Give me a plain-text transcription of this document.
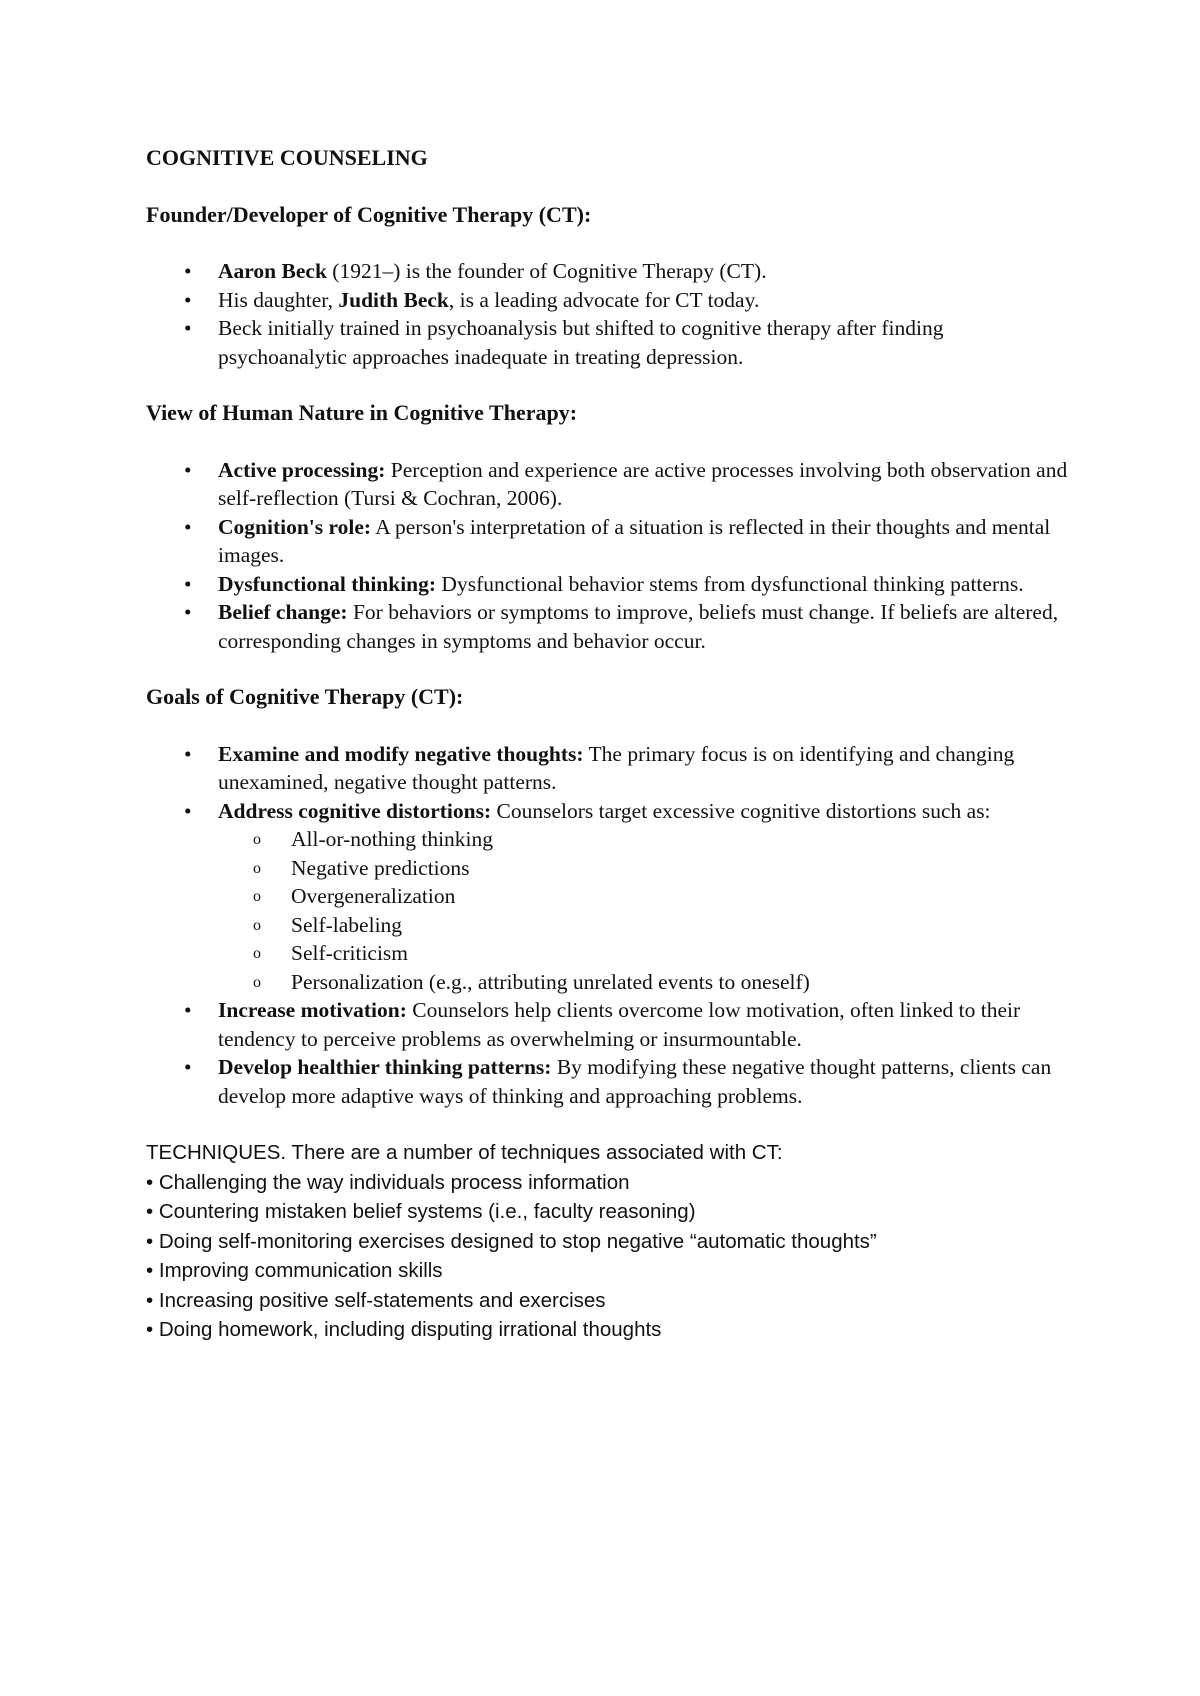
COGNITIVE COUNSELING
Founder/Developer of Cognitive Therapy (CT):
• Aaron Beck (1921–) is the founder of Cognitive Therapy (CT).
• His daughter, Judith Beck, is a leading advocate for CT today.
• Beck initially trained in psychoanalysis but shifted to cognitive therapy after finding psychoanalytic approaches inadequate in treating depression.
View of Human Nature in Cognitive Therapy:
• Active processing: Perception and experience are active processes involving both observation and self-reflection (Tursi & Cochran, 2006).
• Cognition's role: A person's interpretation of a situation is reflected in their thoughts and mental images.
• Dysfunctional thinking: Dysfunctional behavior stems from dysfunctional thinking patterns.
• Belief change: For behaviors or symptoms to improve, beliefs must change. If beliefs are altered, corresponding changes in symptoms and behavior occur.
Goals of Cognitive Therapy (CT):
• Examine and modify negative thoughts: The primary focus is on identifying and changing unexamined, negative thought patterns.
• Address cognitive distortions: Counselors target excessive cognitive distortions such as:
o All-or-nothing thinking
o Negative predictions
o Overgeneralization
o Self-labeling
o Self-criticism
o Personalization (e.g., attributing unrelated events to oneself)
• Increase motivation: Counselors help clients overcome low motivation, often linked to their tendency to perceive problems as overwhelming or insurmountable.
• Develop healthier thinking patterns: By modifying these negative thought patterns, clients can develop more adaptive ways of thinking and approaching problems.
TECHNIQUES. There are a number of techniques associated with CT:
• Challenging the way individuals process information
• Countering mistaken belief systems (i.e., faculty reasoning)
• Doing self-monitoring exercises designed to stop negative “automatic thoughts”
• Improving communication skills
• Increasing positive self-statements and exercises
• Doing homework, including disputing irrational thoughts
